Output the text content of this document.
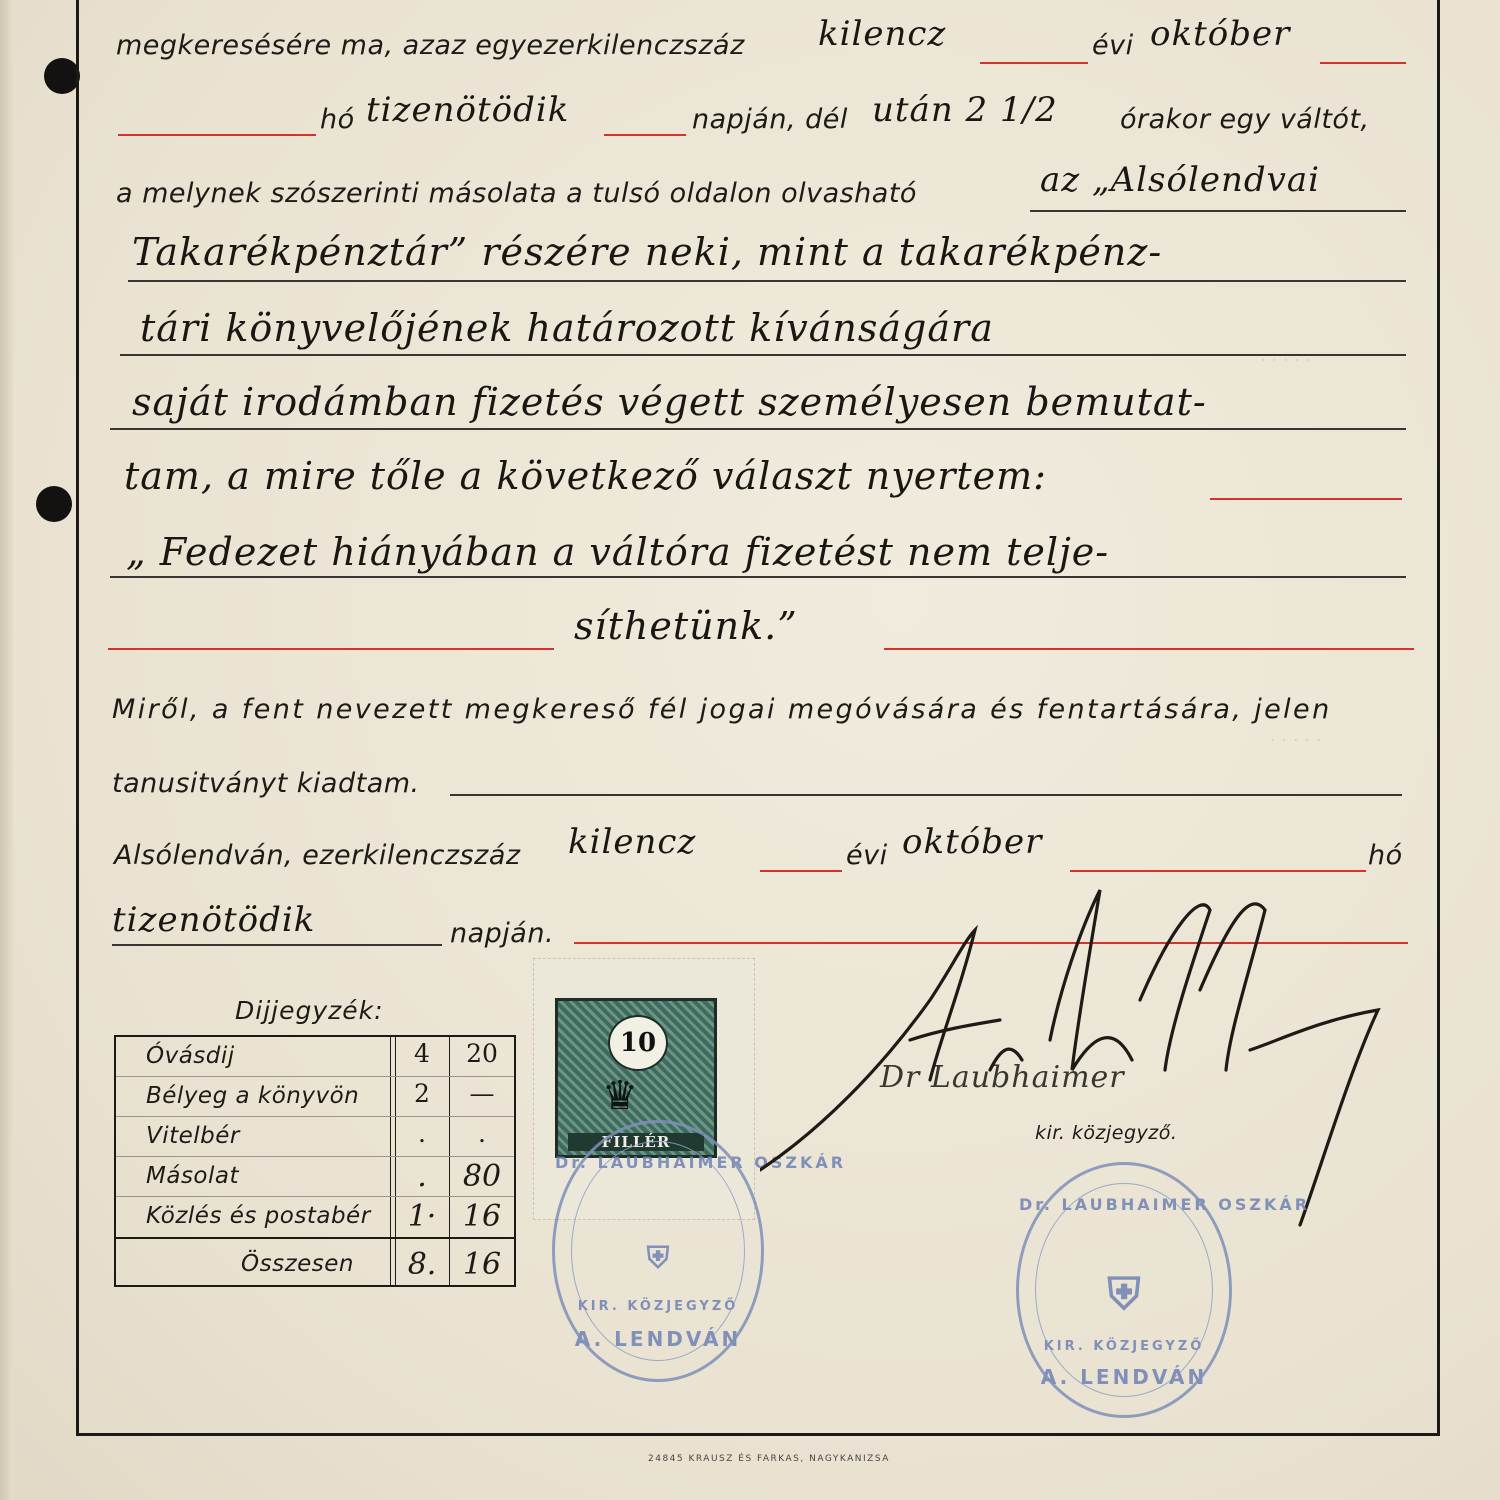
· · · · ·
· · · · ·
megkeresésére ma, azaz egyezerkilenczszáz kilencz	évi október
hó tizenötödik	napján, dél után 2 1/2 órakor egy váltót,
a melynek szószerinti másolata a tulsó oldalon olvasható	az „Alsólendvai
Takarékpénztár” részére neki, mint a takarékpénz-
tári könyvelőjének határozott kívánságára
saját irodámban fizetés végett személyesen bemutat-
tam, a mire tőle a következő választ nyertem:
„ Fedezet hiányában a váltóra fizetést nem telje-
síthetünk.”
Miről, a fent nevezett megkereső fél jogai megóvására és fentartására, jelen
tanusitványt kiadtam.
Alsólendván, ezerkilenczszáz kilencz	évi október	hó
tizenötödik	napján.
Dijjegyzék:
Óvásdij	4	20
Bélyeg a könyvön	2	—
Vitelbér	.	.
Másolat	.	80
Közlés és postabér	1· 16
Összesen	8. 16
10
♛
FILLÉR
Dr. LAUBHAIMER OSZKÁR
⛨
KIR. KÖZJEGYZŐ
A. LENDVÁN
Dr Laubhaimer
kir. közjegyző.
Dr. LAUBHAIMER OSZKÁR
⛨
KIR. KÖZJEGYZŐ
A. LENDVÁN
24845 KRAUSZ ÉS FARKAS, NAGYKANIZSA
